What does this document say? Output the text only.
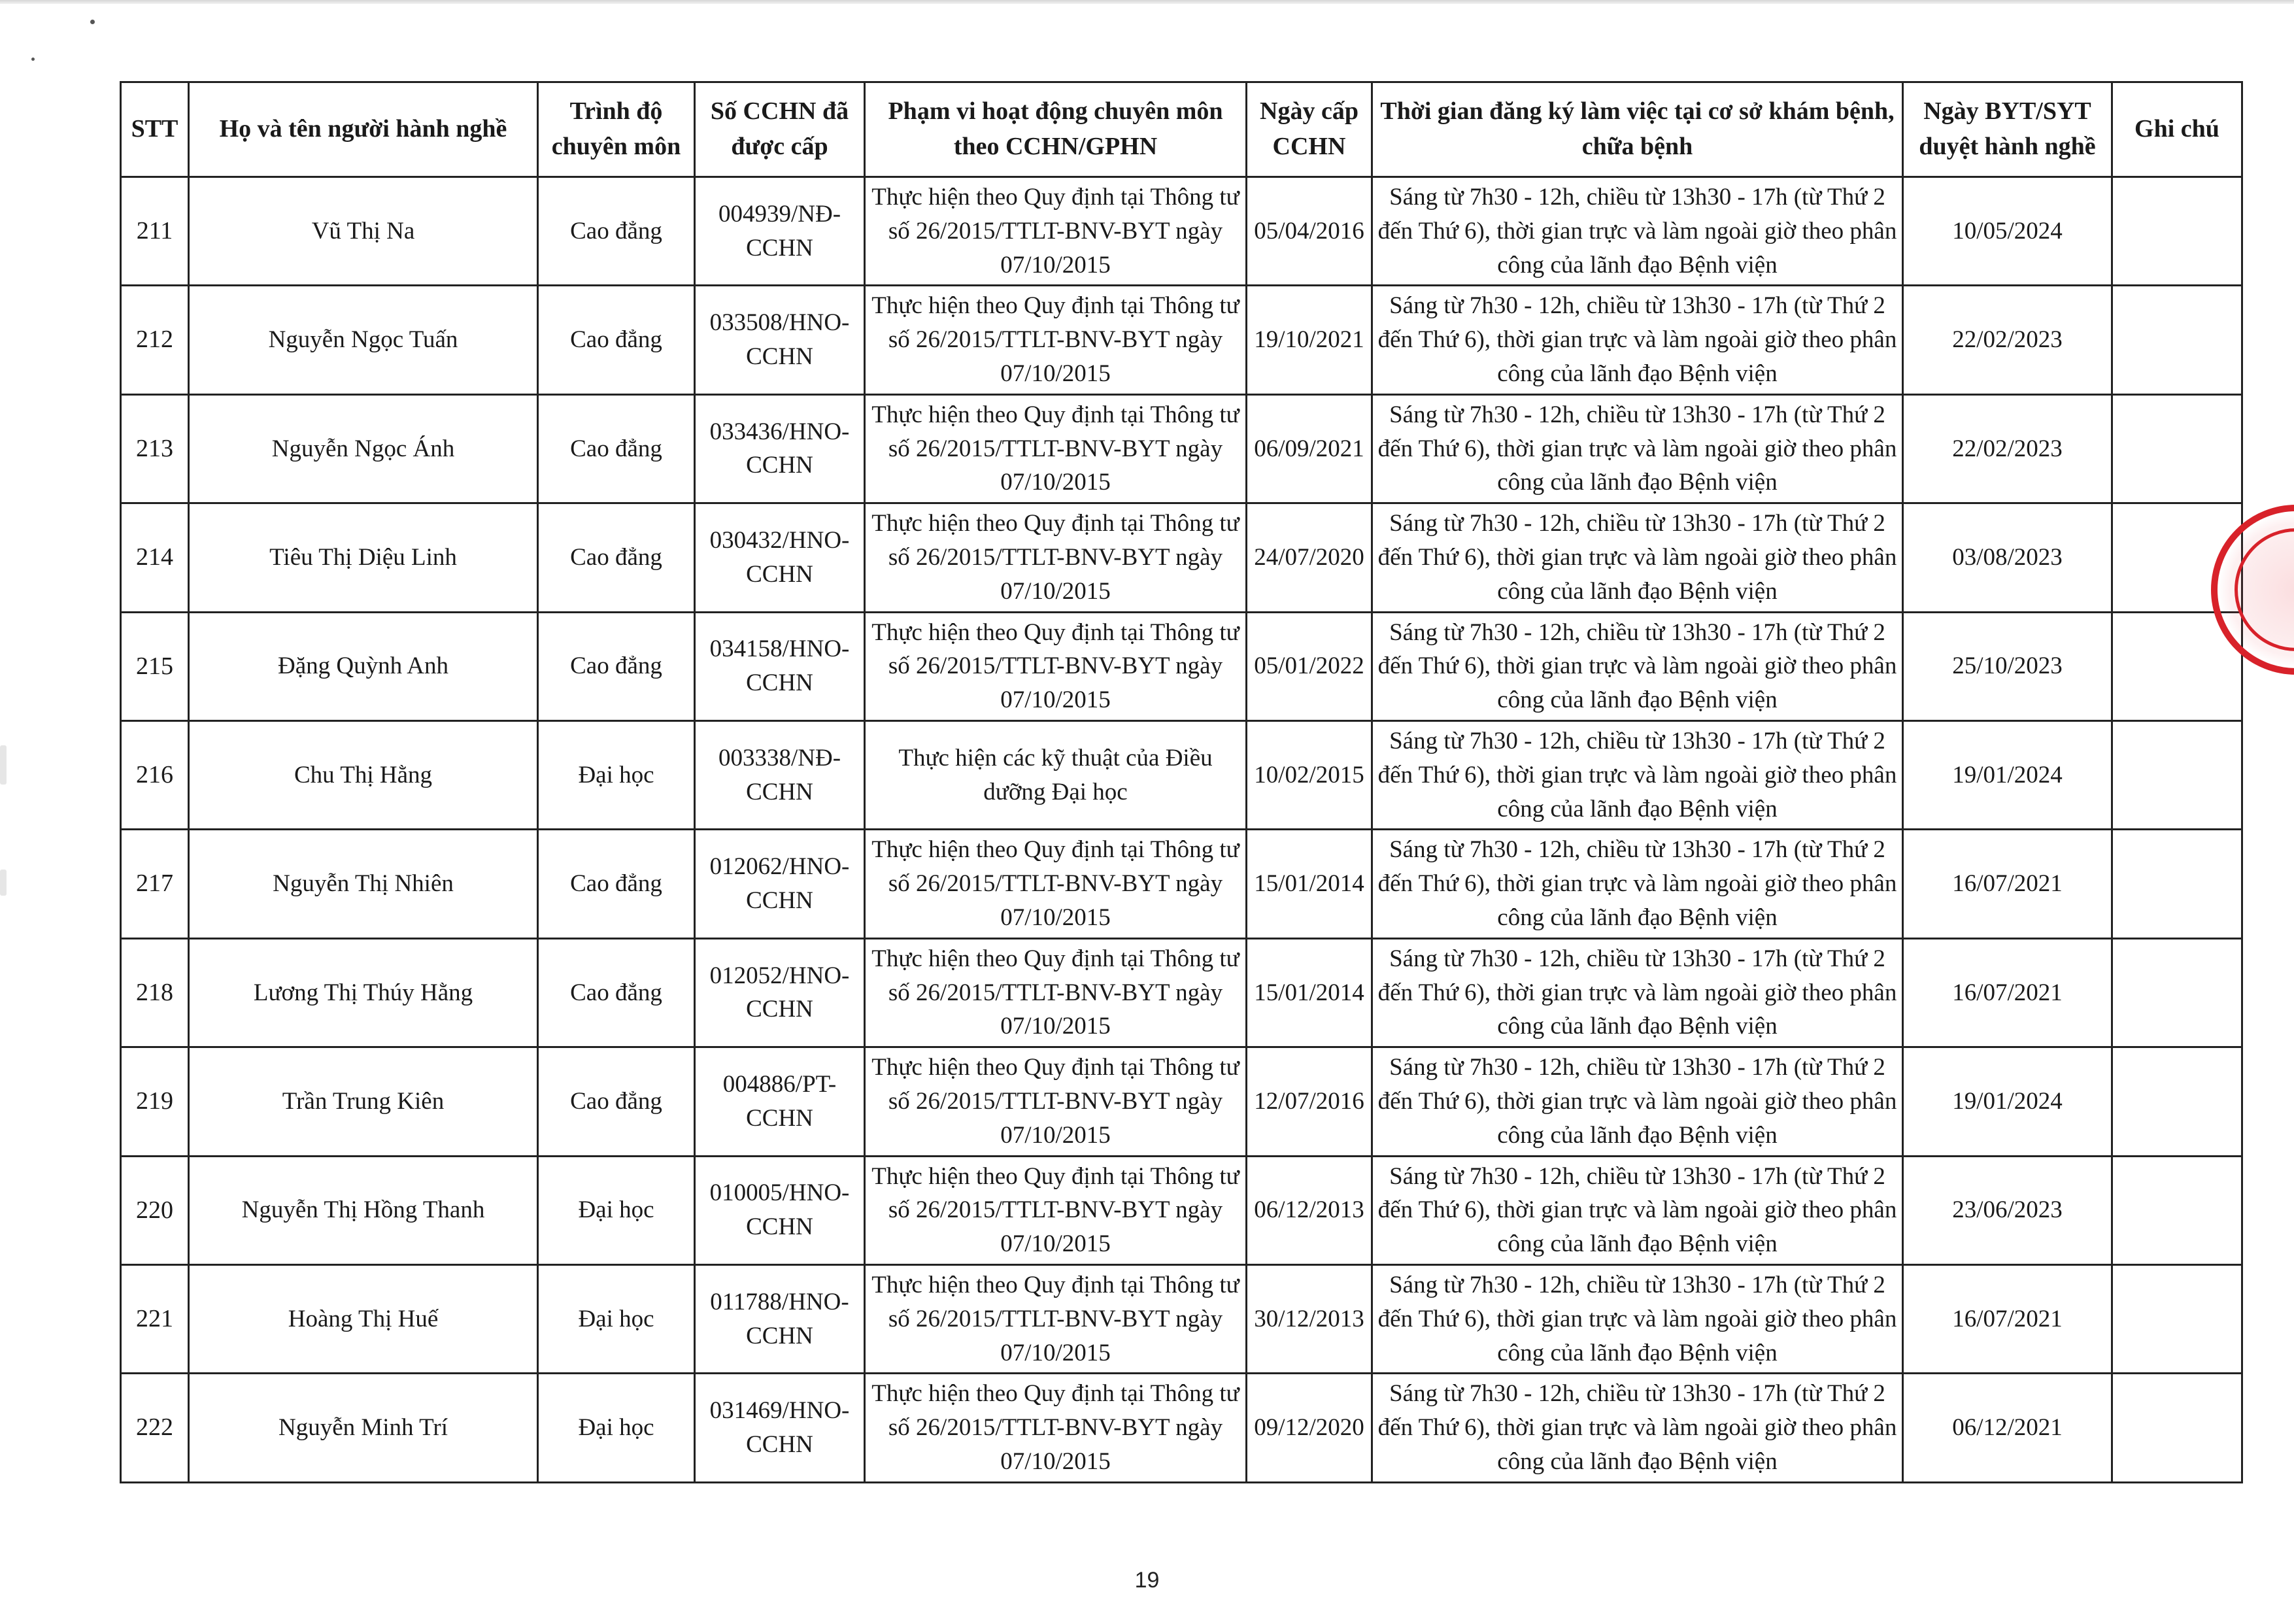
STT	Họ và tên người hành nghề	Trình độ chuyên môn	Số CCHN đã được cấp	Phạm vi hoạt động chuyên môn theo CCHN/GPHN	Ngày cấp CCHN	Thời gian đăng ký làm việc tại cơ sở khám bệnh, chữa bệnh	Ngày BYT/SYT duyệt hành nghề	Ghi chú
211	Vũ Thị Na	Cao đẳng	004939/NĐ-CCHN	Thực hiện theo Quy định tại Thông tư số 26/2015/TTLT-BNV-BYT ngày 07/10/2015	05/04/2016	Sáng từ 7h30 - 12h, chiều từ 13h30 - 17h (từ Thứ 2 đến Thứ 6), thời gian trực và làm ngoài giờ theo phân công của lãnh đạo Bệnh viện	10/05/2024	
212	Nguyễn Ngọc Tuấn	Cao đẳng	033508/HNO-CCHN	Thực hiện theo Quy định tại Thông tư số 26/2015/TTLT-BNV-BYT ngày 07/10/2015	19/10/2021	Sáng từ 7h30 - 12h, chiều từ 13h30 - 17h (từ Thứ 2 đến Thứ 6), thời gian trực và làm ngoài giờ theo phân công của lãnh đạo Bệnh viện	22/02/2023	
213	Nguyễn Ngọc Ánh	Cao đẳng	033436/HNO-CCHN	Thực hiện theo Quy định tại Thông tư số 26/2015/TTLT-BNV-BYT ngày 07/10/2015	06/09/2021	Sáng từ 7h30 - 12h, chiều từ 13h30 - 17h (từ Thứ 2 đến Thứ 6), thời gian trực và làm ngoài giờ theo phân công của lãnh đạo Bệnh viện	22/02/2023	
214	Tiêu Thị Diệu Linh	Cao đẳng	030432/HNO-CCHN	Thực hiện theo Quy định tại Thông tư số 26/2015/TTLT-BNV-BYT ngày 07/10/2015	24/07/2020	Sáng từ 7h30 - 12h, chiều từ 13h30 - 17h (từ Thứ 2 đến Thứ 6), thời gian trực và làm ngoài giờ theo phân công của lãnh đạo Bệnh viện	03/08/2023	
215	Đặng Quỳnh Anh	Cao đẳng	034158/HNO-CCHN	Thực hiện theo Quy định tại Thông tư số 26/2015/TTLT-BNV-BYT ngày 07/10/2015	05/01/2022	Sáng từ 7h30 - 12h, chiều từ 13h30 - 17h (từ Thứ 2 đến Thứ 6), thời gian trực và làm ngoài giờ theo phân công của lãnh đạo Bệnh viện	25/10/2023	
216	Chu Thị Hằng	Đại học	003338/NĐ-CCHN	Thực hiện các kỹ thuật của Điều dưỡng Đại học	10/02/2015	Sáng từ 7h30 - 12h, chiều từ 13h30 - 17h (từ Thứ 2 đến Thứ 6), thời gian trực và làm ngoài giờ theo phân công của lãnh đạo Bệnh viện	19/01/2024	
217	Nguyễn Thị Nhiên	Cao đẳng	012062/HNO-CCHN	Thực hiện theo Quy định tại Thông tư số 26/2015/TTLT-BNV-BYT ngày 07/10/2015	15/01/2014	Sáng từ 7h30 - 12h, chiều từ 13h30 - 17h (từ Thứ 2 đến Thứ 6), thời gian trực và làm ngoài giờ theo phân công của lãnh đạo Bệnh viện	16/07/2021	
218	Lương Thị Thúy Hằng	Cao đẳng	012052/HNO-CCHN	Thực hiện theo Quy định tại Thông tư số 26/2015/TTLT-BNV-BYT ngày 07/10/2015	15/01/2014	Sáng từ 7h30 - 12h, chiều từ 13h30 - 17h (từ Thứ 2 đến Thứ 6), thời gian trực và làm ngoài giờ theo phân công của lãnh đạo Bệnh viện	16/07/2021	
219	Trần Trung Kiên	Cao đẳng	004886/PT-CCHN	Thực hiện theo Quy định tại Thông tư số 26/2015/TTLT-BNV-BYT ngày 07/10/2015	12/07/2016	Sáng từ 7h30 - 12h, chiều từ 13h30 - 17h (từ Thứ 2 đến Thứ 6), thời gian trực và làm ngoài giờ theo phân công của lãnh đạo Bệnh viện	19/01/2024	
220	Nguyễn Thị Hồng Thanh	Đại học	010005/HNO-CCHN	Thực hiện theo Quy định tại Thông tư số 26/2015/TTLT-BNV-BYT ngày 07/10/2015	06/12/2013	Sáng từ 7h30 - 12h, chiều từ 13h30 - 17h (từ Thứ 2 đến Thứ 6), thời gian trực và làm ngoài giờ theo phân công của lãnh đạo Bệnh viện	23/06/2023	
221	Hoàng Thị Huế	Đại học	011788/HNO-CCHN	Thực hiện theo Quy định tại Thông tư số 26/2015/TTLT-BNV-BYT ngày 07/10/2015	30/12/2013	Sáng từ 7h30 - 12h, chiều từ 13h30 - 17h (từ Thứ 2 đến Thứ 6), thời gian trực và làm ngoài giờ theo phân công của lãnh đạo Bệnh viện	16/07/2021	
222	Nguyễn Minh Trí	Đại học	031469/HNO-CCHN	Thực hiện theo Quy định tại Thông tư số 26/2015/TTLT-BNV-BYT ngày 07/10/2015	09/12/2020	Sáng từ 7h30 - 12h, chiều từ 13h30 - 17h (từ Thứ 2 đến Thứ 6), thời gian trực và làm ngoài giờ theo phân công của lãnh đạo Bệnh viện	06/12/2021	
19
